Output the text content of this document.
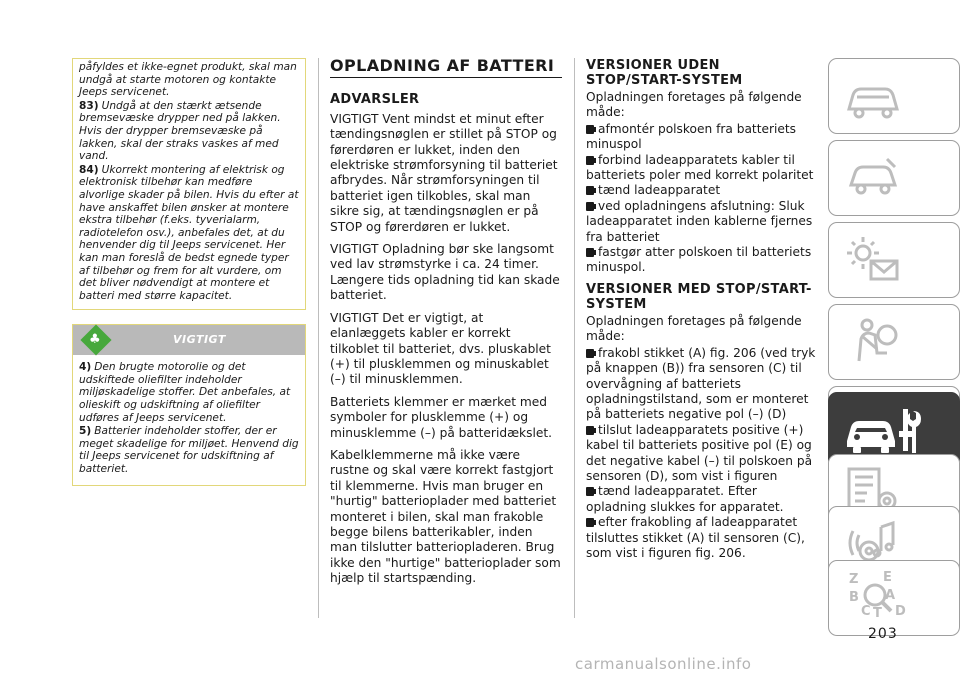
påfyldes et ikke-egnet produkt, skal man undgå at starte motoren og kontakte Jeeps servicenet.

83) Undgå at den stærkt ætsende bremsevæske drypper ned på lakken. Hvis der drypper bremsevæske på lakken, skal der straks vaskes af med vand.

84) Ukorrekt montering af elektrisk og elektronisk tilbehør kan medføre alvorlige skader på bilen. Hvis du efter at have anskaffet bilen ønsker at montere ekstra tilbehør (f.eks. tyverialarm, radiotelefon osv.), anbefales det, at du henvender dig til Jeeps servicenet. Her kan man foreslå de bedst egnede typer af tilbehør og frem for alt vurdere, om det bliver nødvendigt at montere et batteri med større kapacitet.

♣	VIGTIGT

4) Den brugte motorolie og det udskiftede oliefilter indeholder miljøskadelige stoffer. Det anbefales, at olieskift og udskiftning af oliefilter udføres af Jeeps servicenet.

5) Batterier indeholder stoffer, der er meget skadelige for miljøet. Henvend dig til Jeeps servicenet for udskiftning af batteriet.

OPLADNING AF BATTERI
ADVARSLER

VIGTIGT Vent mindst et minut efter tændingsnøglen er stillet på STOP og førerdøren er lukket, inden den elektriske strømforsyning til batteriet afbrydes. Når strømforsyningen til batteriet igen tilkobles, skal man sikre sig, at tændingsnøglen er på STOP og førerdøren er lukket.

VIGTIGT Opladning bør ske langsomt ved lav strømstyrke i ca. 24 timer. Længere tids opladning tid kan skade batteriet.

VIGTIGT Det er vigtigt, at elanlæggets kabler er korrekt tilkoblet til batteriet, dvs. pluskablet (+) til plusklemmen og minuskablet (–) til minusklemmen.

Batteriets klemmer er mærket med symboler for plusklemme (+) og minusklemme (–) på batteridækslet.

Kabelklemmerne må ikke være rustne og skal være korrekt fastgjort til klemmerne. Hvis man bruger en "hurtig" batterioplader med batteriet monteret i bilen, skal man frakoble begge bilens batterikabler, inden man tilslutter batteriopladeren. Brug ikke den "hurtige" batterioplader som hjælp til startspænding.

VERSIONER UDEN STOP/START-SYSTEM

Opladningen foretages på følgende måde:

afmontér polskoen fra batteriets minuspol
forbind ladeapparatets kabler til batteriets poler med korrekt polaritet
tænd ladeapparatet
ved opladningens afslutning: Sluk ladeapparatet inden kablerne fjernes fra batteriet
fastgør atter polskoen til batteriets minuspol.
VERSIONER MED STOP/START-SYSTEM

Opladningen foretages på følgende måde:

frakobl stikket (A) fig. 206 (ved tryk på knappen (B)) fra sensoren (C) til overvågning af batteriets opladningstilstand, som er monteret på batteriets negative pol (–) (D)
tilslut ladeapparatets positive (+) kabel til batteriets positive pol (E) og det negative kabel (–) til polskoen på sensoren (D), som vist i figuren
tænd ladeapparatet. Efter opladning slukkes for apparatet.
efter frakobling af ladeapparatet tilsluttes stikket (A) til sensoren (C), som vist i figuren fig. 206.
Z E
B A
C T D
203
carmanualsonline.info
